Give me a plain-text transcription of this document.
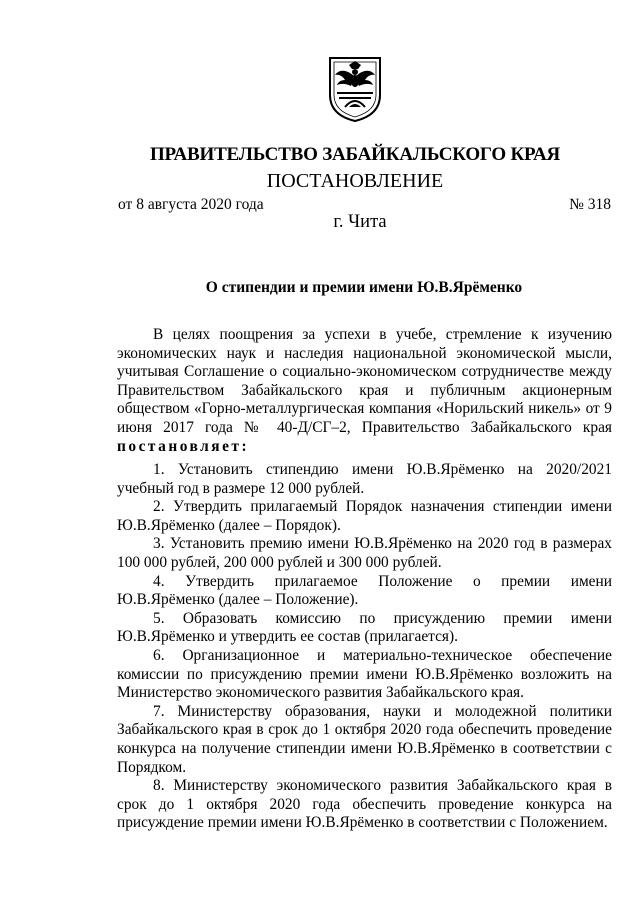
ПРАВИТЕЛЬСТВО ЗАБАЙКАЛЬСКОГО КРАЯ
ПОСТАНОВЛЕНИЕ
от 8 августа 2020 года	№ 318
г. Чита
О стипендии и премии имени Ю.В.Ярёменко

В целях поощрения за успехи в учебе, стремление к изучению экономических наук и наследия национальной экономической мысли, учитывая Соглашение о социально-экономическом сотрудничестве между Правительством Забайкальского края и публичным акционерным обществом «Горно-металлургическая компания «Норильский никель» от 9 июня 2017 года № 40-Д/СГ–2, Правительство Забайкальского края постановляет:

1. Установить стипендию имени Ю.В.Ярёменко на 2020/2021 учебный год в размере 12 000 рублей.

2. Утвердить прилагаемый Порядок назначения стипендии имени Ю.В.Ярёменко (далее – Порядок).

3. Установить премию имени Ю.В.Ярёменко на 2020 год в размерах 100 000 рублей, 200 000 рублей и 300 000 рублей.

4. Утвердить прилагаемое Положение о премии имени Ю.В.Ярёменко (далее – Положение).

5. Образовать комиссию по присуждению премии имени Ю.В.Ярёменко и утвердить ее состав (прилагается).

6. Организационное и материально-техническое обеспечение комиссии по присуждению премии имени Ю.В.Ярёменко возложить на Министерство экономического развития Забайкальского края.

7. Министерству образования, науки и молодежной политики Забайкальского края в срок до 1 октября 2020 года обеспечить проведение конкурса на получение стипендии имени Ю.В.Ярёменко в соответствии с Порядком.

8. Министерству экономического развития Забайкальского края в срок до 1 октября 2020 года обеспечить проведение конкурса на присуждение премии имени Ю.В.Ярёменко в соответствии с Положением.
